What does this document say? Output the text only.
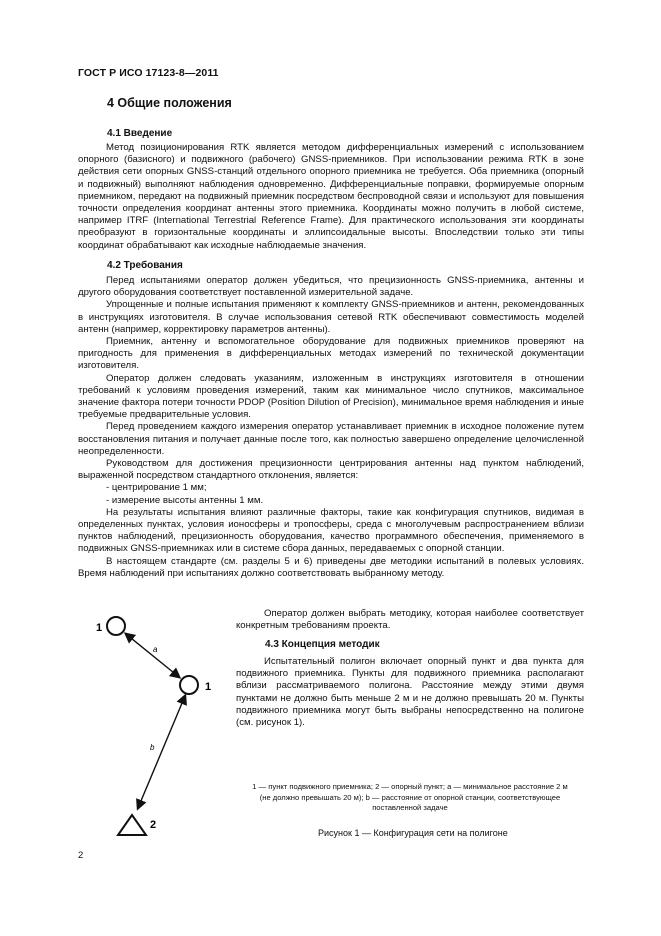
ГОСТ Р ИСО 17123-8—2011
4 Общие положения
4.1 Введение

Метод позиционирования RTK является методом дифференциальных измерений с использованием опорного (базисного) и подвижного (рабочего) GNSS-приемников. При использовании режима RTK в зоне действия сети опорных GNSS-станций отдельного опорного приемника не требуется. Оба приемника (опорный и подвижный) выполняют наблюдения одновременно. Дифференциальные поправки, формируемые опорным приемником, передают на подвижный приемник посредством беспроводной связи и используют для повышения точности определения координат антенны этого приемника. Координаты можно получить в любой системе, например ITRF (International Terrestrial Reference Frame). Для практического использования эти координаты преобразуют в горизонтальные координаты и эллипсоидальные высоты. Впоследствии только эти типы координат обрабатывают как исходные наблюдаемые значения.

4.2 Требования

Перед испытаниями оператор должен убедиться, что прецизионность GNSS-приемника, антенны и другого оборудования соответствует поставленной измерительной задаче.

Упрощенные и полные испытания применяют к комплекту GNSS-приемников и антенн, рекомендованных в инструкциях изготовителя. В случае использования сетевой RTK обеспечивают совместимость моделей антенн (например, корректировку параметров антенны).

Приемник, антенну и вспомогательное оборудование для подвижных приемников проверяют на пригодность для применения в дифференциальных методах измерений по технической документации изготовителя.

Оператор должен следовать указаниям, изложенным в инструкциях изготовителя в отношении требований к условиям проведения измерений, таким как минимальное число спутников, максимальное значение фактора потери точности PDOP (Position Dilution of Precision), минимальное время наблюдения и иные требуемые предварительные условия.

Перед проведением каждого измерения оператор устанавливает приемник в исходное положение путем восстановления питания и получает данные после того, как полностью завершено определение целочисленной неопределенности.

Руководством для достижения прецизионности центрирования антенны над пунктом наблюдений, выраженной посредством стандартного отклонения, является:

- центрирование 1 мм;
- измерение высоты антенны 1 мм.

На результаты испытания влияют различные факторы, такие как конфигурация спутников, видимая в определенных пунктах, условия ионосферы и тропосферы, среда с многолучевым распространением вблизи пунктов наблюдений, прецизионность оборудования, качество программного обеспечения, применяемого в подвижных GNSS-приемниках или в системе сбора данных, передаваемых с опорной станции.

В настоящем стандарте (см. разделы 5 и 6) приведены две методики испытаний в полевых условиях. Время наблюдений при испытаниях должно соответствовать выбранному методу.

Оператор должен выбрать методику, которая наиболее соответствует конкретным требованиям проекта.

4.3 Концепция методик

Испытательный полигон включает опорный пункт и два пункта для подвижного приемника. Пункты для подвижного приемника располагают вблизи рассматриваемого полигона. Расстояние между этими двумя пунктами не должно быть меньше 2 м и не должно превышать 20 м. Пункты подвижного приемника могут быть выбраны непосредственно на полигоне (см. рисунок 1).

1
1
a
b
2
1 — пункт подвижного приемника; 2 — опорный пункт; a — минимальное расстояние 2 м
(не должно превышать 20 м); b — расстояние от опорной станции, соответствующее
поставленной задаче
Рисунок 1 — Конфигурация сети на полигоне
2
